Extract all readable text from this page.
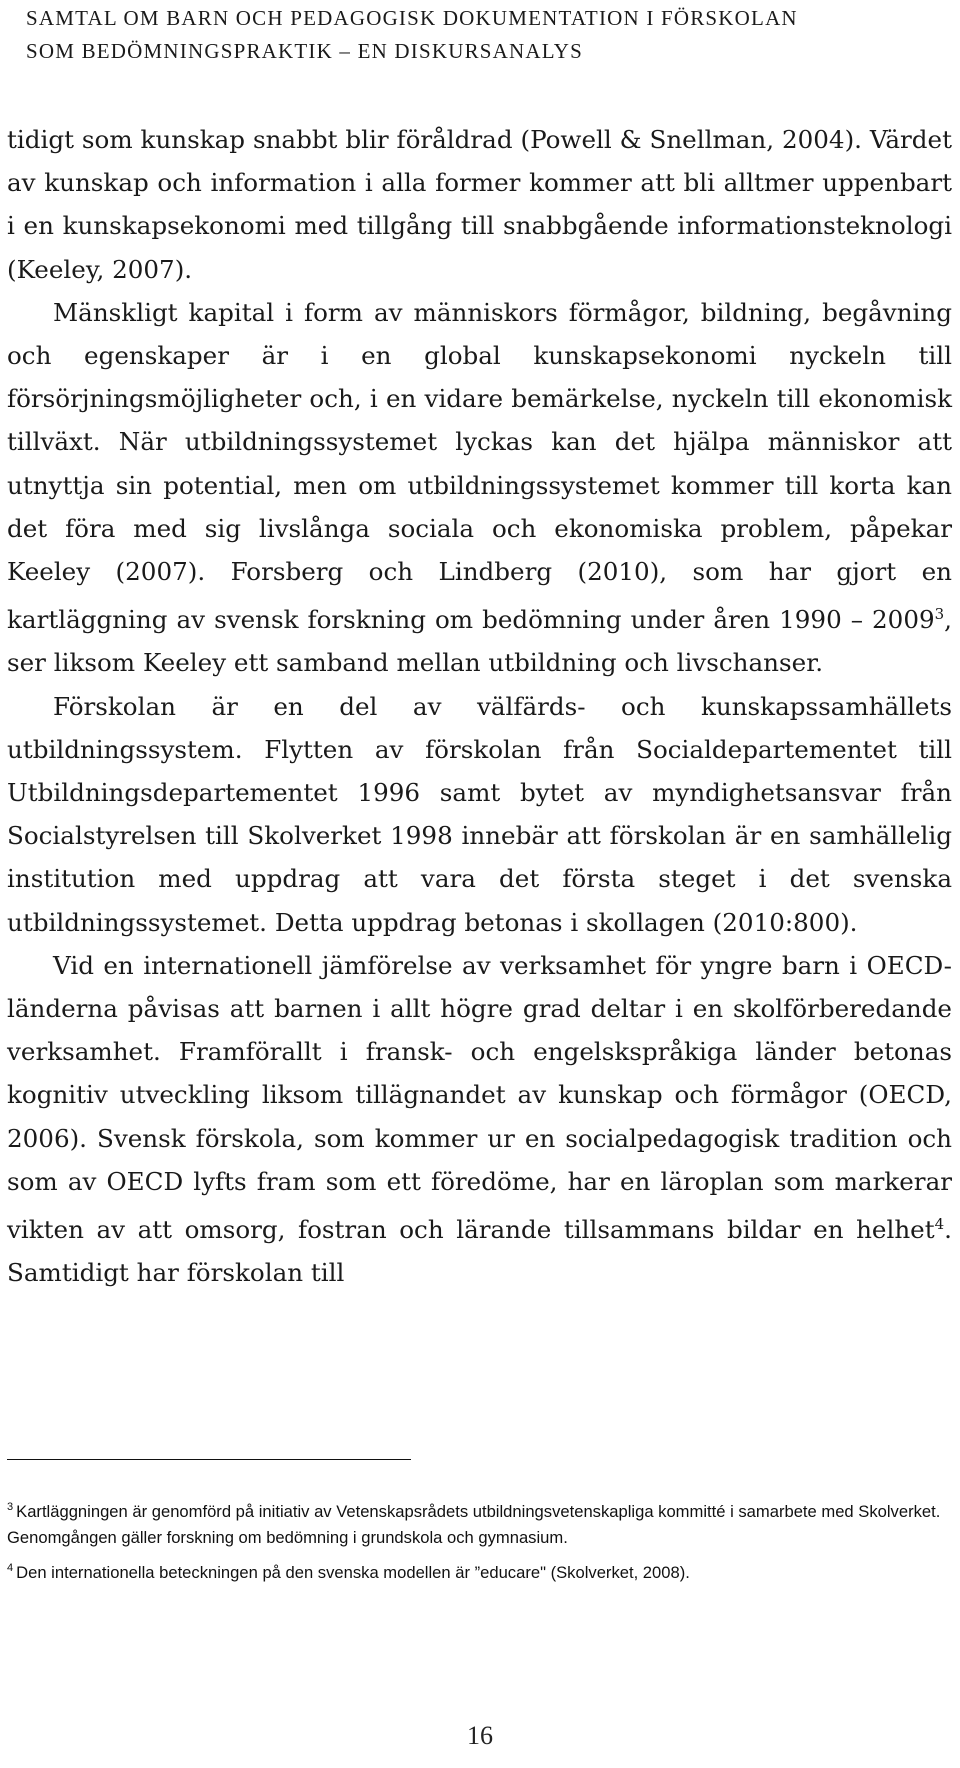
SAMTAL OM BARN OCH PEDAGOGISK DOKUMENTATION I FÖRSKOLAN
SOM BEDÖMNINGSPRAKTIK – EN DISKURSANALYS

tidigt som kunskap snabbt blir föråldrad (Powell & Snellman, 2004). Värdet av kunskap och information i alla former kommer att bli alltmer uppenbart i en kunskapsekonomi med tillgång till snabbgående informationsteknologi (Keeley, 2007).

Mänskligt kapital i form av människors förmågor, bildning, begåvning och egenskaper är i en global kunskapsekonomi nyckeln till försörjningsmöjligheter och, i en vidare bemärkelse, nyckeln till ekonomisk tillväxt. När utbildningssystemet lyckas kan det hjälpa människor att utnyttja sin potential, men om utbildningssystemet kommer till korta kan det föra med sig livslånga sociala och ekonomiska problem, påpekar Keeley (2007). Forsberg och Lindberg (2010), som har gjort en kartläggning av svensk forskning om bedömning under åren 1990 – 2009$^3$, ser liksom Keeley ett samband mellan utbildning och livschanser.

Förskolan är en del av välfärds- och kunskapssamhällets utbildningssystem. Flytten av förskolan från Socialdepartementet till Utbildningsdepartementet 1996 samt bytet av myndighetsansvar från Socialstyrelsen till Skolverket 1998 innebär att förskolan är en samhällelig institution med uppdrag att vara det första steget i det svenska utbildningssystemet. Detta uppdrag betonas i skollagen (2010:800).

Vid en internationell jämförelse av verksamhet för yngre barn i OECD-länderna påvisas att barnen i allt högre grad deltar i en skolförberedande verksamhet. Framförallt i fransk- och engelskspråkiga länder betonas kognitiv utveckling liksom tillägnandet av kunskap och förmågor (OECD, 2006). Svensk förskola, som kommer ur en socialpedagogisk tradition och som av OECD lyfts fram som ett föredöme, har en läroplan som markerar vikten av att omsorg, fostran och lärande tillsammans bildar en helhet$^4$. Samtidigt har förskolan till

$^3$ Kartläggningen är genomförd på initiativ av Vetenskapsrådets utbildningsvetenskapliga kommitté i samarbete med Skolverket. Genomgången gäller forskning om bedömning i grundskola och gymnasium.

$^4$ Den internationella beteckningen på den svenska modellen är ”educare" (Skolverket, 2008).

16
